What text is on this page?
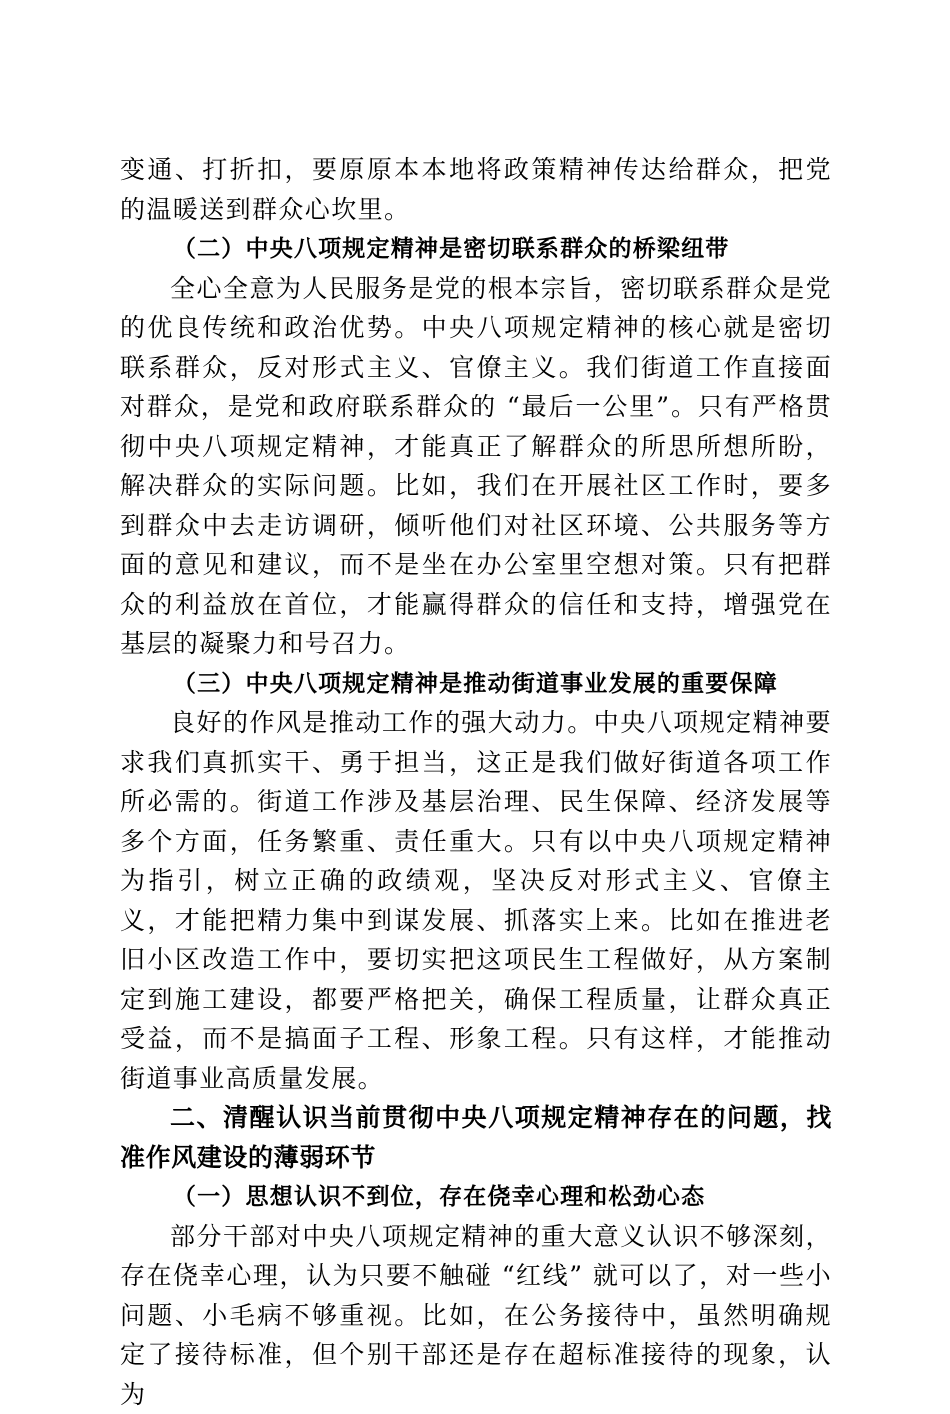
变通、打折扣，要原原本本地将政策精神传达给群众，把党的温暖送到群众心坎里。

（二）中央八项规定精神是密切联系群众的桥梁纽带

全心全意为人民服务是党的根本宗旨，密切联系群众是党的优良传统和政治优势。中央八项规定精神的核心就是密切联系群众，反对形式主义、官僚主义。我们街道工作直接面对群众，是党和政府联系群众的 “最后一公里”。只有严格贯彻中央八项规定精神，才能真正了解群众的所思所想所盼，解决群众的实际问题。比如，我们在开展社区工作时，要多到群众中去走访调研，倾听他们对社区环境、公共服务等方面的意见和建议，而不是坐在办公室里空想对策。只有把群众的利益放在首位，才能赢得群众的信任和支持，增强党在基层的凝聚力和号召力。

（三）中央八项规定精神是推动街道事业发展的重要保障

良好的作风是推动工作的强大动力。中央八项规定精神要求我们真抓实干、勇于担当，这正是我们做好街道各项工作所必需的。街道工作涉及基层治理、民生保障、经济发展等多个方面，任务繁重、责任重大。只有以中央八项规定精神为指引，树立正确的政绩观，坚决反对形式主义、官僚主义，才能把精力集中到谋发展、抓落实上来。比如在推进老旧小区改造工作中，要切实把这项民生工程做好，从方案制定到施工建设，都要严格把关，确保工程质量，让群众真正受益，而不是搞面子工程、形象工程。只有这样，才能推动街道事业高质量发展。

二、清醒认识当前贯彻中央八项规定精神存在的问题，找准作风建设的薄弱环节

（一）思想认识不到位，存在侥幸心理和松劲心态

部分干部对中央八项规定精神的重大意义认识不够深刻，存在侥幸心理，认为只要不触碰 “红线” 就可以了，对一些小问题、小毛病不够重视。比如，在公务接待中，虽然明确规定了接待标准，但个别干部还是存在超标准接待的现象，认为
